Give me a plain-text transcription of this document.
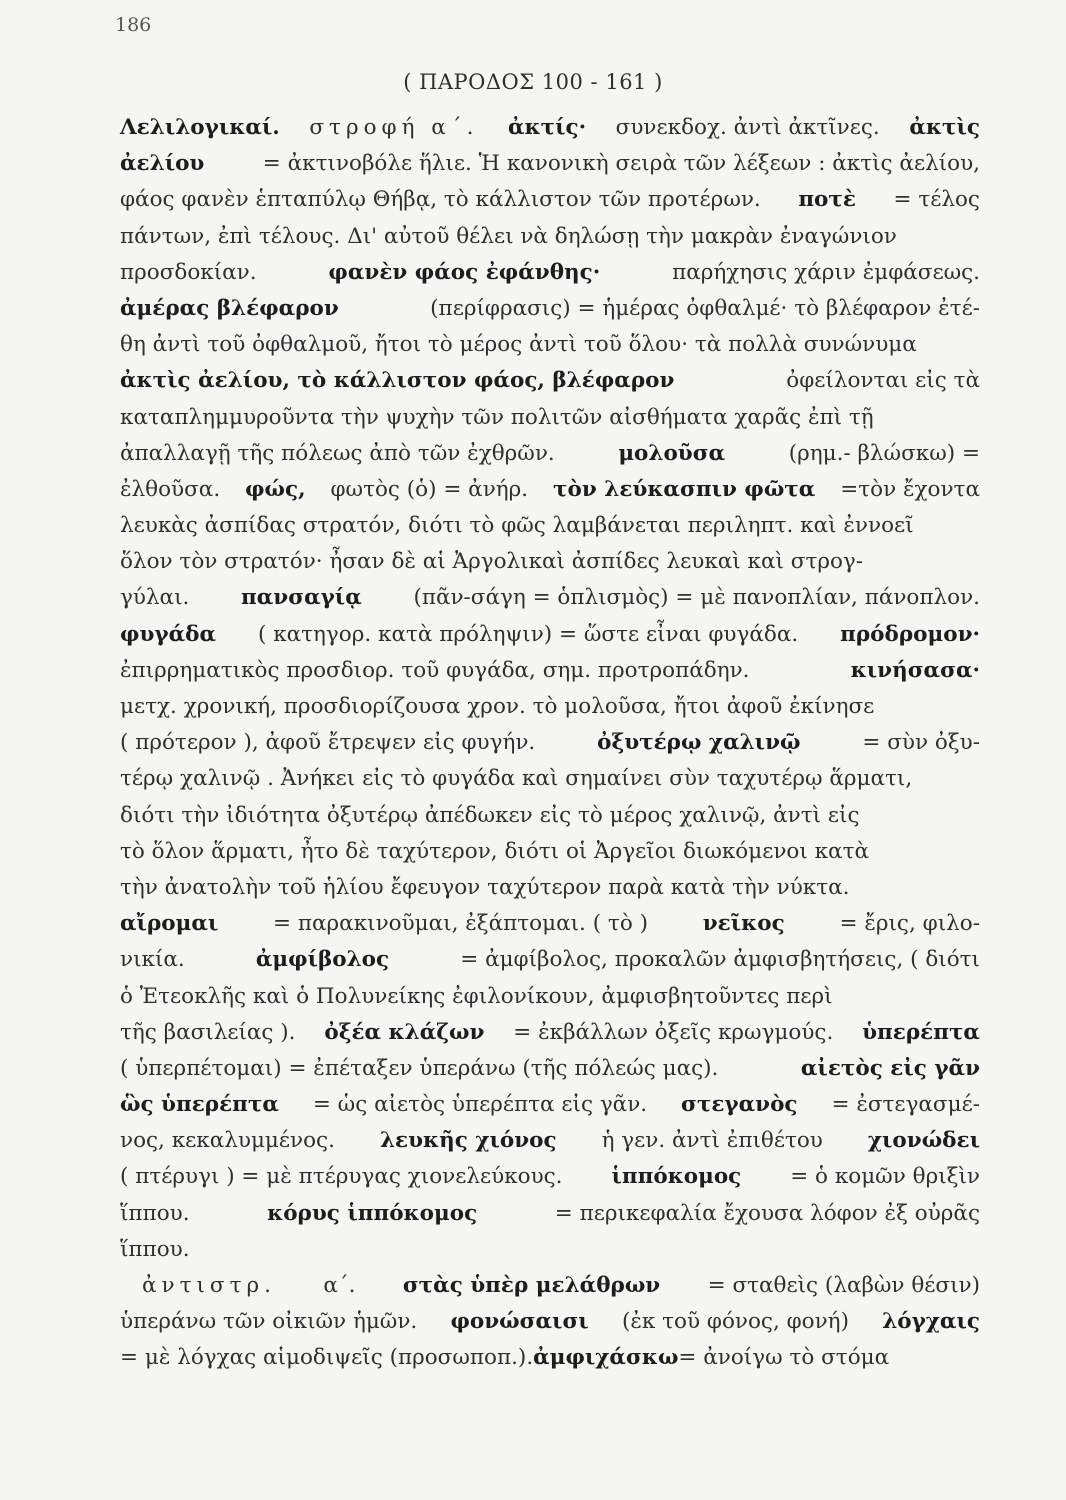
186
( ΠΑΡΟΔΟΣ 100 - 161 )
Λελιλογικαί. στροφή α΄. ἀκτίς· συνεκδοχ. ἀντὶ ἀκτῖνες. ἀκτὶς
ἀελίου	= ἀκτινοβόλε ἥλιε. Ἡ κανονικὴ σειρὰ τῶν λέξεων : ἀκτὶς ἀελίου,
φάος φανὲν ἑπταπύλῳ Θήβᾳ, τὸ κάλλιστον τῶν προτέρων. ποτὲ = τέλος
πάντων, ἐπὶ τέλους. Δι' αὐτοῦ θέλει νὰ δηλώσῃ τὴν μακρὰν ἐναγώνιον
προσδοκίαν.	φανὲν φάος ἐφάνθης·	παρήχησις χάριν ἐμφάσεως.
ἀμέρας βλέφαρον	(περίφρασις) = ἡμέρας ὀφθαλμέ· τὸ βλέφαρον ἐτέ-
θη ἀντὶ τοῦ ὀφθαλμοῦ, ἤτοι τὸ μέρος ἀντὶ τοῦ ὅλου· τὰ πολλὰ συνώνυμα
ἀκτὶς ἀελίου, τὸ κάλλιστον φάος, βλέφαρον	ὀφείλονται εἰς τὰ
καταπλημμυροῦντα τὴν ψυχὴν τῶν πολιτῶν αἰσθήματα χαρᾶς ἐπὶ τῇ
ἀπαλλαγῇ τῆς πόλεως ἀπὸ τῶν ἐχθρῶν.	μολοῦσα	(ρημ.- βλώσκω) =
ἐλθοῦσα. φώς, φωτὸς (ὁ) = ἀνήρ. τὸν λεύκασπιν φῶτα =τὸν ἔχοντα
λευκὰς ἀσπίδας στρατόν, διότι τὸ φῶς λαμβάνεται περιληπτ. καὶ ἐννοεῖ
ὅλον τὸν στρατόν· ἦσαν δὲ αἱ Ἀργολικαὶ ἀσπίδες λευκαὶ καὶ στρογ-
γύλαι. πανσαγίᾳ (πᾶν-σάγη = ὁπλισμὸς) = μὲ πανοπλίαν, πάνοπλον.
φυγάδα ( κατηγορ. κατὰ πρόληψιν) = ὥστε εἶναι φυγάδα. πρόδρομον·
ἐπιρρηματικὸς προσδιορ. τοῦ φυγάδα, σημ. προτροπάδην.	κινήσασα·
μετχ. χρονική, προσδιορίζουσα χρον. τὸ μολοῦσα, ἤτοι ἀφοῦ ἐκίνησε
( πρότερον ), ἀφοῦ ἔτρεψεν εἰς φυγήν.	ὀξυτέρῳ χαλινῷ	= σὺν ὀξυ-
τέρῳ χαλινῷ . Ἀνήκει εἰς τὸ φυγάδα καὶ σημαίνει σὺν ταχυτέρῳ ἅρματι,
διότι τὴν ἰδιότητα ὀξυτέρῳ ἀπέδωκεν εἰς τὸ μέρος χαλινῷ, ἀντὶ εἰς
τὸ ὅλον ἅρματι, ἦτο δὲ ταχύτερον, διότι οἱ Ἀργεῖοι διωκόμενοι κατὰ
τὴν ἀνατολὴν τοῦ ἡλίου ἔφευγον ταχύτερον παρὰ κατὰ τὴν νύκτα.
αἴρομαι	= παρακινοῦμαι, ἐξάπτομαι. ( τὸ )	νεῖκος	= ἔρις, φιλο-
νικία.	ἀμφίβολος	= ἀμφίβολος, προκαλῶν ἀμφισβητήσεις, ( διότι
ὁ Ἐτεοκλῆς καὶ ὁ Πολυνείκης ἐφιλονίκουν, ἀμφισβητοῦντες περὶ
τῆς βασιλείας ). ὀξέα κλάζων = ἐκβάλλων ὀξεῖς κρωγμούς. ὑπερέπτα
( ὑπερπέτομαι) = ἐπέταξεν ὑπεράνω (τῆς πόλεώς μας).	αἰετὸς εἰς γᾶν
ὣς ὑπερέπτα = ὡς αἰετὸς ὑπερέπτα εἰς γᾶν. στεγανὸς = ἐστεγασμέ-
νος, κεκαλυμμένος. λευκῆς χιόνος ἡ γεν. ἀντὶ ἐπιθέτου χιονώδει
( πτέρυγι ) = μὲ πτέρυγας χιονελεύκους. ἱππόκομος = ὁ κομῶν θριξὶν
ἵππου.	κόρυς ἱππόκομος	= περικεφαλία ἔχουσα λόφον ἐξ οὐρᾶς
ἵππου.
ἀντιστρ. α΄. στὰς ὑπὲρ μελάθρων = σταθεὶς (λαβὼν θέσιν)
ὑπεράνω τῶν οἰκιῶν ἡμῶν. φονώσαισι (ἐκ τοῦ φόνος, φονή) λόγχαις
= μὲ λόγχας αἱμοδιψεῖς (προσωποπ.). ἀμφιχάσκω = ἀνοίγω τὸ στόμα
